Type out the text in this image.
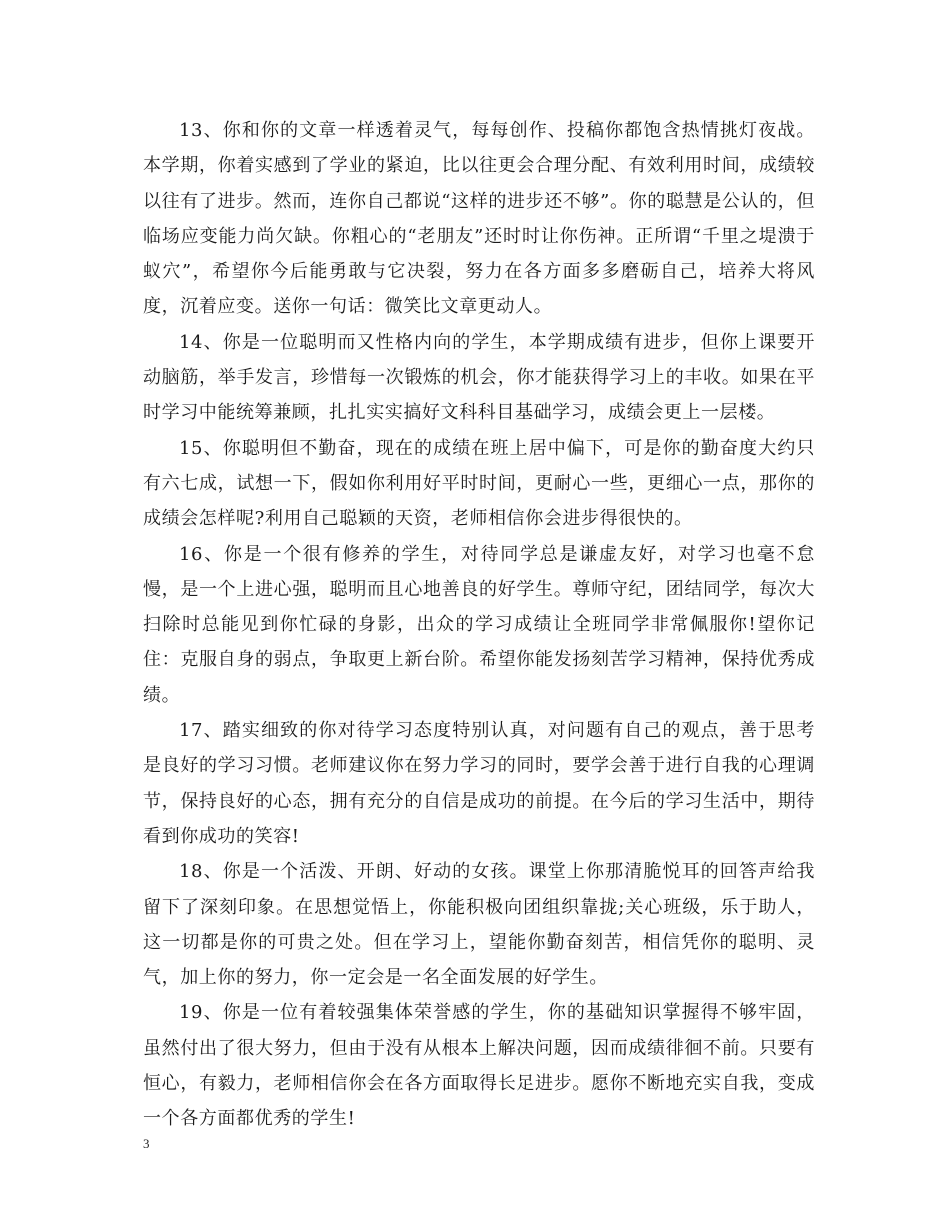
13、你和你的文章一样透着灵气，每每创作、投稿你都饱含热情挑灯夜战。本学期，你着实感到了学业的紧迫，比以往更会合理分配、有效利用时间，成绩较以往有了进步。然而，连你自己都说“这样的进步还不够”。你的聪慧是公认的，但临场应变能力尚欠缺。你粗心的“老朋友”还时时让你伤神。正所谓“千里之堤溃于蚁穴”，希望你今后能勇敢与它决裂，努力在各方面多多磨砺自己，培养大将风度，沉着应变。送你一句话：微笑比文章更动人。

14、你是一位聪明而又性格内向的学生，本学期成绩有进步，但你上课要开动脑筋，举手发言，珍惜每一次锻炼的机会，你才能获得学习上的丰收。如果在平时学习中能统筹兼顾，扎扎实实搞好文科科目基础学习，成绩会更上一层楼。

15、你聪明但不勤奋，现在的成绩在班上居中偏下，可是你的勤奋度大约只有六七成，试想一下，假如你利用好平时时间，更耐心一些，更细心一点，那你的成绩会怎样呢?利用自己聪颖的天资，老师相信你会进步得很快的。

16、你是一个很有修养的学生，对待同学总是谦虚友好，对学习也毫不怠慢，是一个上进心强，聪明而且心地善良的好学生。尊师守纪，团结同学，每次大扫除时总能见到你忙碌的身影，出众的学习成绩让全班同学非常佩服你!望你记住：克服自身的弱点，争取更上新台阶。希望你能发扬刻苦学习精神，保持优秀成绩。

17、踏实细致的你对待学习态度特别认真，对问题有自己的观点，善于思考是良好的学习习惯。老师建议你在努力学习的同时，要学会善于进行自我的心理调节，保持良好的心态，拥有充分的自信是成功的前提。在今后的学习生活中，期待看到你成功的笑容!

18、你是一个活泼、开朗、好动的女孩。课堂上你那清脆悦耳的回答声给我留下了深刻印象。在思想觉悟上，你能积极向团组织靠拢;关心班级，乐于助人，这一切都是你的可贵之处。但在学习上，望能你勤奋刻苦，相信凭你的聪明、灵气，加上你的努力，你一定会是一名全面发展的好学生。

19、你是一位有着较强集体荣誉感的学生，你的基础知识掌握得不够牢固，虽然付出了很大努力，但由于没有从根本上解决问题，因而成绩徘徊不前。只要有恒心，有毅力，老师相信你会在各方面取得长足进步。愿你不断地充实自我，变成一个各方面都优秀的学生!

3
